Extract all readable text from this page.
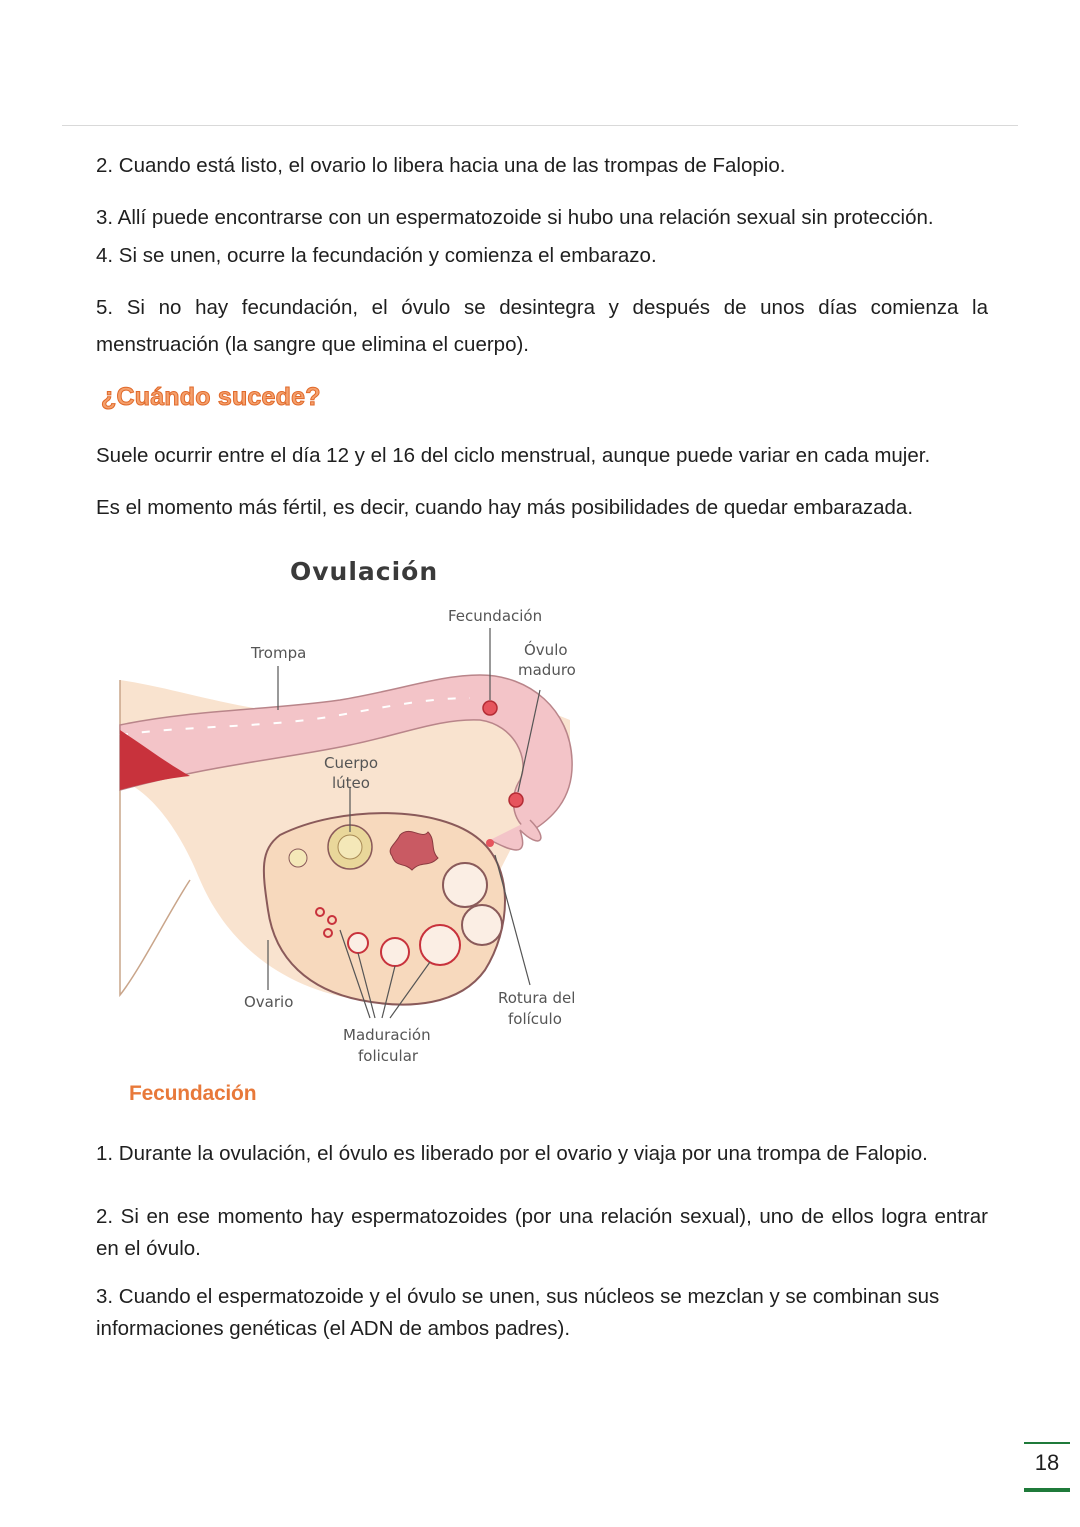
2. Cuando está listo, el ovario lo libera hacia una de las trompas de Falopio.

3. Allí puede encontrarse con un espermatozoide si hubo una relación sexual sin protección.

4. Si se unen, ocurre la fecundación y comienza el embarazo.

5. Si no hay fecundación, el óvulo se desintegra y después de unos días comienza la menstruación (la sangre que elimina el cuerpo).

¿Cuándo sucede?

Suele ocurrir entre el día 12 y el 16 del ciclo menstrual, aunque puede variar en cada mujer.

Es el momento más fértil, es decir, cuando hay más posibilidades de quedar embarazada.

Ovulación
Fecundación
Trompa	Óvulo
maduro
Cuerpo
lúteo
Ovario
Maduración
folicular
Rotura del
folículo
Fecundación

1. Durante la ovulación, el óvulo es liberado por el ovario y viaja por una trompa de Falopio.

2. Si en ese momento hay espermatozoides (por una relación sexual), uno de ellos logra entrar en el óvulo.

3. Cuando el espermatozoide y el óvulo se unen, sus núcleos se mezclan y se combinan sus informaciones genéticas (el ADN de ambos padres).

18
